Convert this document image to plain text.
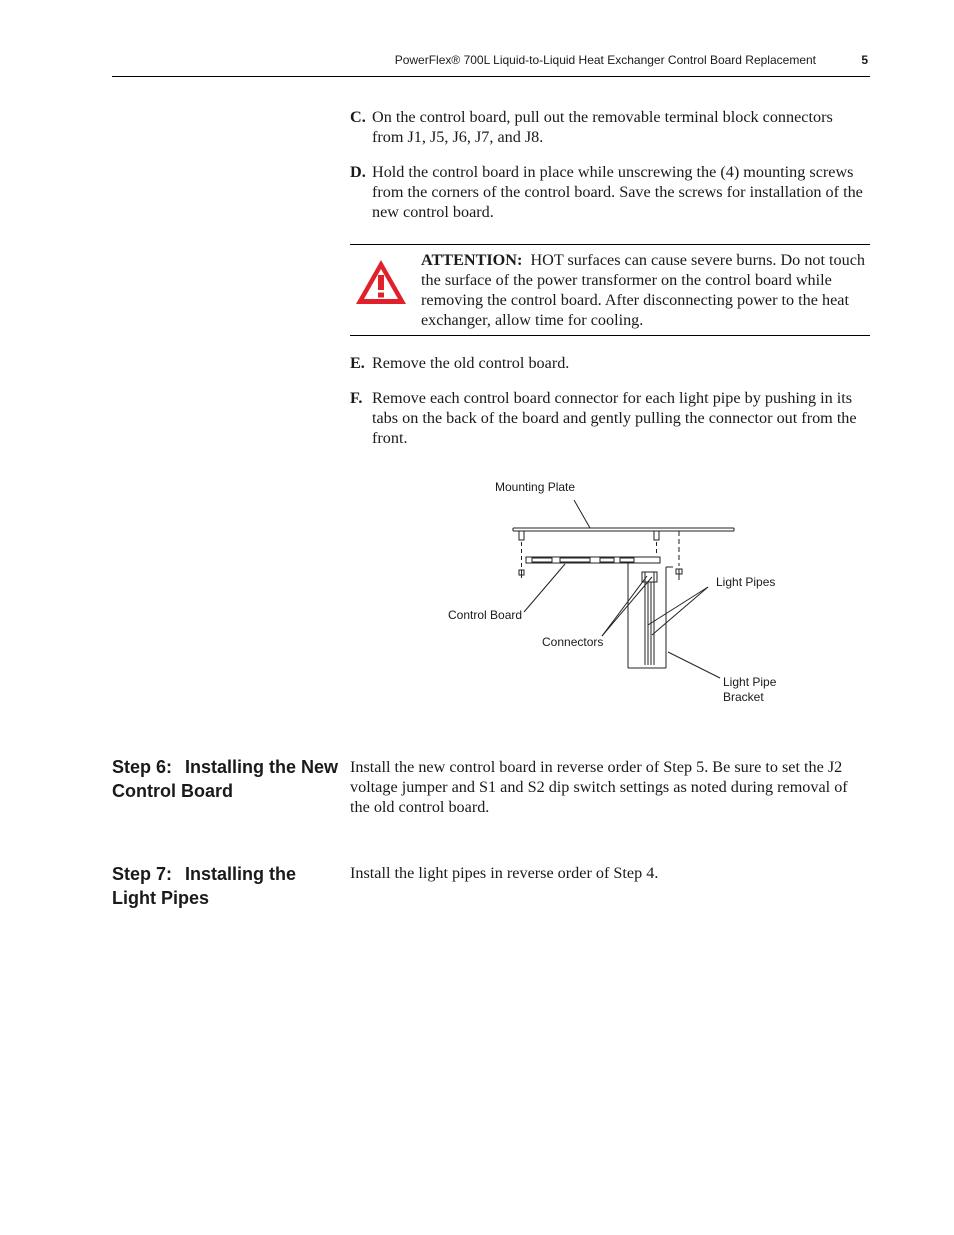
PowerFlex® 700L Liquid-to-Liquid Heat Exchanger Control Board Replacement	5
C. On the control board, pull out the removable terminal block connectors from J1, J5, J6, J7, and J8.
D. Hold the control board in place while unscrewing the (4) mounting screws from the corners of the control board. Save the screws for installation of the new control board.
ATTENTION: HOT surfaces can cause severe burns. Do not touch the surface of the power transformer on the control board while removing the control board. After disconnecting power to the heat exchanger, allow time for cooling.
E. Remove the old control board.
F. Remove each control board connector for each light pipe by pushing in its tabs on the back of the board and gently pulling the connector out from the front.
Mounting Plate
Light Pipes
Control Board
Connectors
Light Pipe
Bracket
Step 6: Installing the New Control Board
Install the new control board in reverse order of Step 5. Be sure to set the J2 voltage jumper and S1 and S2 dip switch settings as noted during removal of the old control board.
Step 7: Installing the Light Pipes
Install the light pipes in reverse order of Step 4.
